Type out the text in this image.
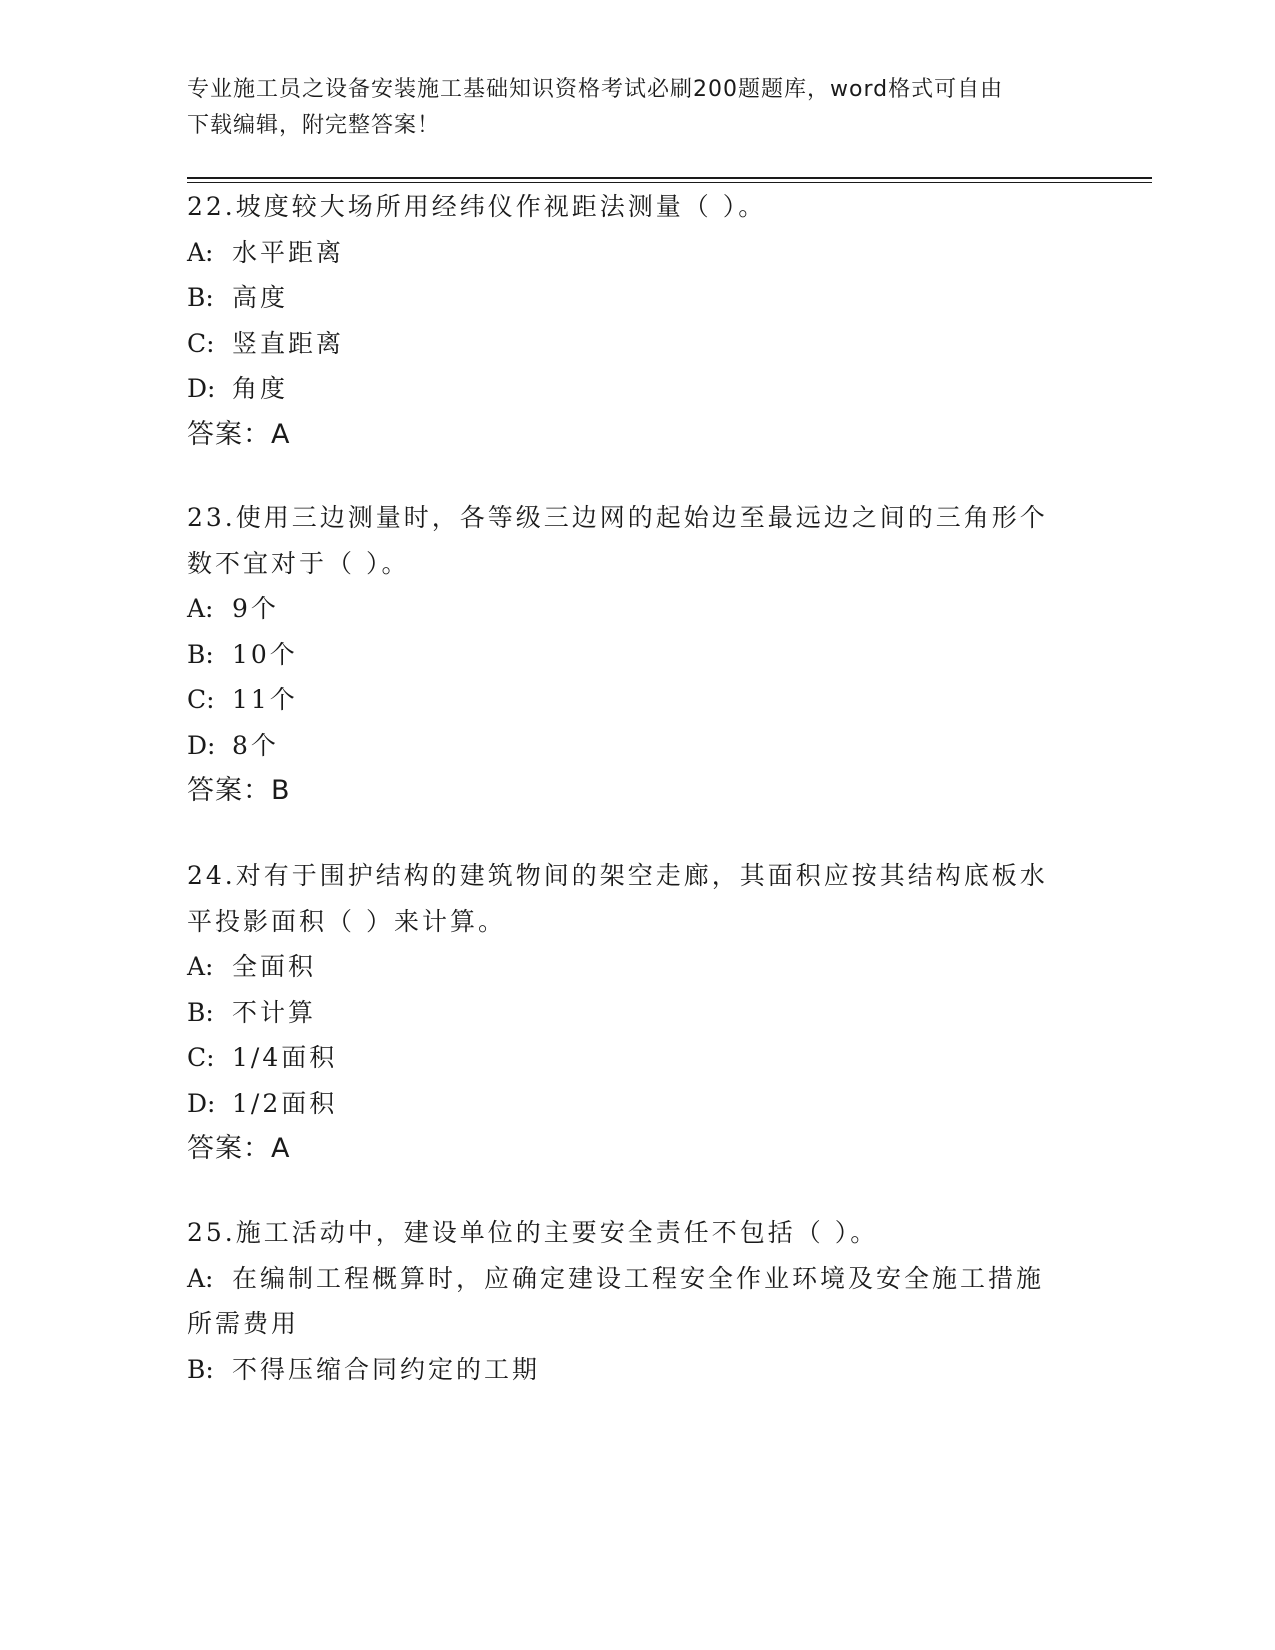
专业施工员之设备安装施工基础知识资格考试必刷200题题库，word格式可自由
下载编辑，附完整答案！
22.坡度较大场所用经纬仪作视距法测量（ ）。
A: 水平距离
B: 高度
C: 竖直距离
D: 角度
答案：A
23.使用三边测量时，各等级三边网的起始边至最远边之间的三角形个
数不宜对于（ ）。
A: 9个
B: 10个
C: 11个
D: 8个
答案：B
24.对有于围护结构的建筑物间的架空走廊，其面积应按其结构底板水
平投影面积（ ）来计算。
A: 全面积
B: 不计算
C: 1/4面积
D: 1/2面积
答案：A
25.施工活动中，建设单位的主要安全责任不包括（ ）。
A: 在编制工程概算时，应确定建设工程安全作业环境及安全施工措施
所需费用
B: 不得压缩合同约定的工期
